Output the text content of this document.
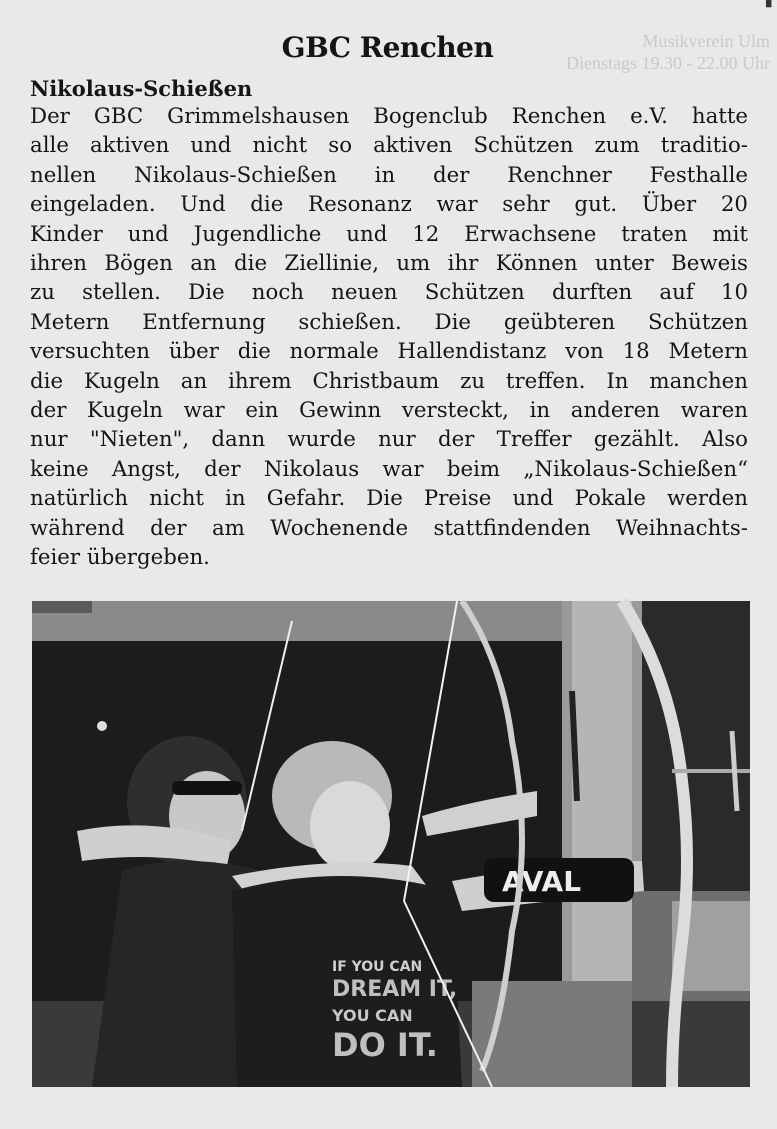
Musikverein Ulm
Dienstags 19.30 - 22.00 Uhr
▘
GBC Renchen
Nikolaus-Schießen
Der GBC Grimmelshausen Bogenclub Renchen e.V. hatte
alle aktiven und nicht so aktiven Schützen zum traditio-
nellen Nikolaus-Schießen in der Renchner Festhalle
eingeladen. Und die Resonanz war sehr gut. Über 20
Kinder und Jugendliche und 12 Erwachsene traten mit
ihren Bögen an die Ziellinie, um ihr Können unter Beweis
zu stellen. Die noch neuen Schützen durften auf 10
Metern Entfernung schießen. Die geübteren Schützen
versuchten über die normale Hallendistanz von 18 Metern
die Kugeln an ihrem Christbaum zu treffen. In manchen
der Kugeln war ein Gewinn versteckt, in anderen waren
nur "Nieten", dann wurde nur der Treffer gezählt. Also
keine Angst, der Nikolaus war beim „Nikolaus-Schießen“
natürlich nicht in Gefahr. Die Preise und Pokale werden
während der am Wochenende stattfindenden Weihnachts-
feier übergeben.
AVAL
IF YOU CAN
DREAM IT,
YOU CAN
DO IT.
